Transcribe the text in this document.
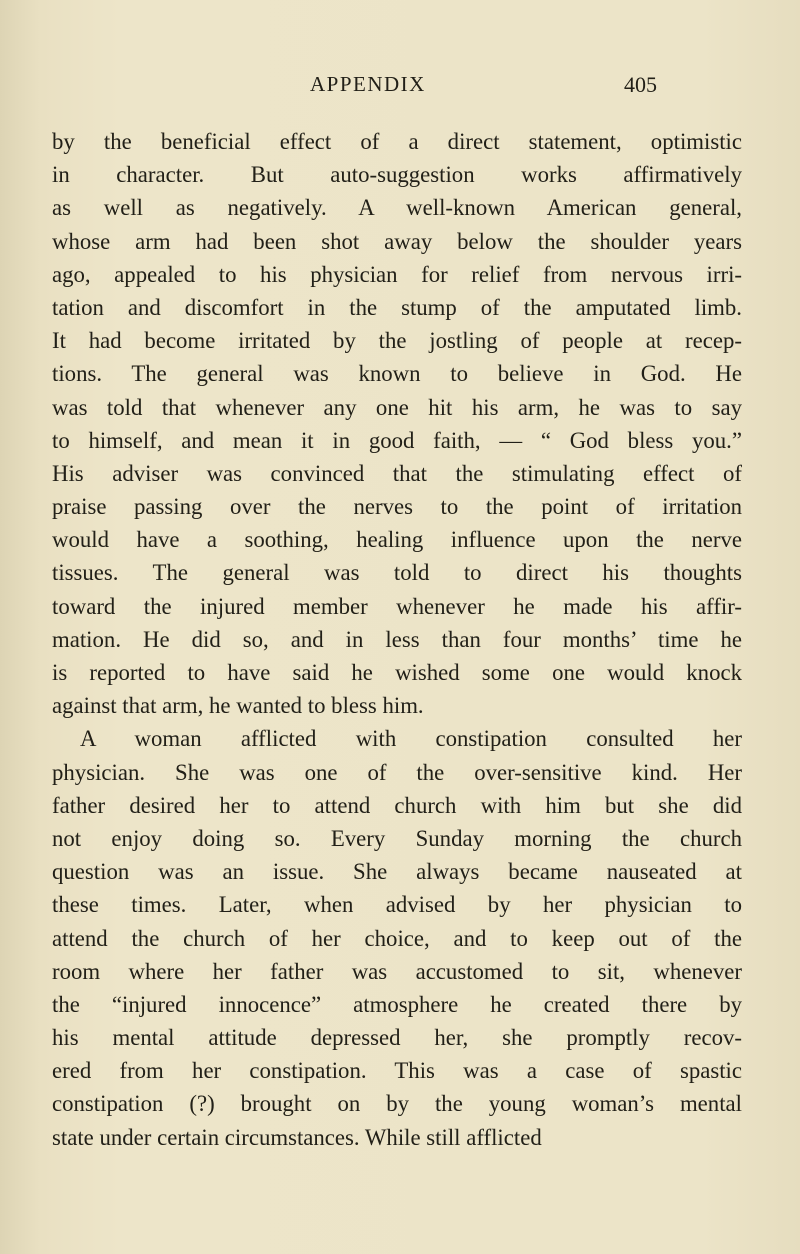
APPENDIX	405
by the beneficial effect of a direct statement, optimistic
in character. But auto-suggestion works affirmatively
as well as negatively. A well-known American general,
whose arm had been shot away below the shoulder years
ago, appealed to his physician for relief from nervous irri-
tation and discomfort in the stump of the amputated limb.
It had become irritated by the jostling of people at recep-
tions. The general was known to believe in God. He
was told that whenever any one hit his arm, he was to say
to himself, and mean it in good faith, — “ God bless you.”
His adviser was convinced that the stimulating effect of
praise passing over the nerves to the point of irritation
would have a soothing, healing influence upon the nerve
tissues. The general was told to direct his thoughts
toward the injured member whenever he made his affir-
mation. He did so, and in less than four months’ time he
is reported to have said he wished some one would knock
against that arm, he wanted to bless him.
A woman afflicted with constipation consulted her
physician. She was one of the over-sensitive kind. Her
father desired her to attend church with him but she did
not enjoy doing so. Every Sunday morning the church
question was an issue. She always became nauseated at
these times. Later, when advised by her physician to
attend the church of her choice, and to keep out of the
room where her father was accustomed to sit, whenever
the “injured innocence” atmosphere he created there by
his mental attitude depressed her, she promptly recov-
ered from her constipation. This was a case of spastic
constipation (?) brought on by the young woman’s mental
state under certain circumstances. While still afflicted
